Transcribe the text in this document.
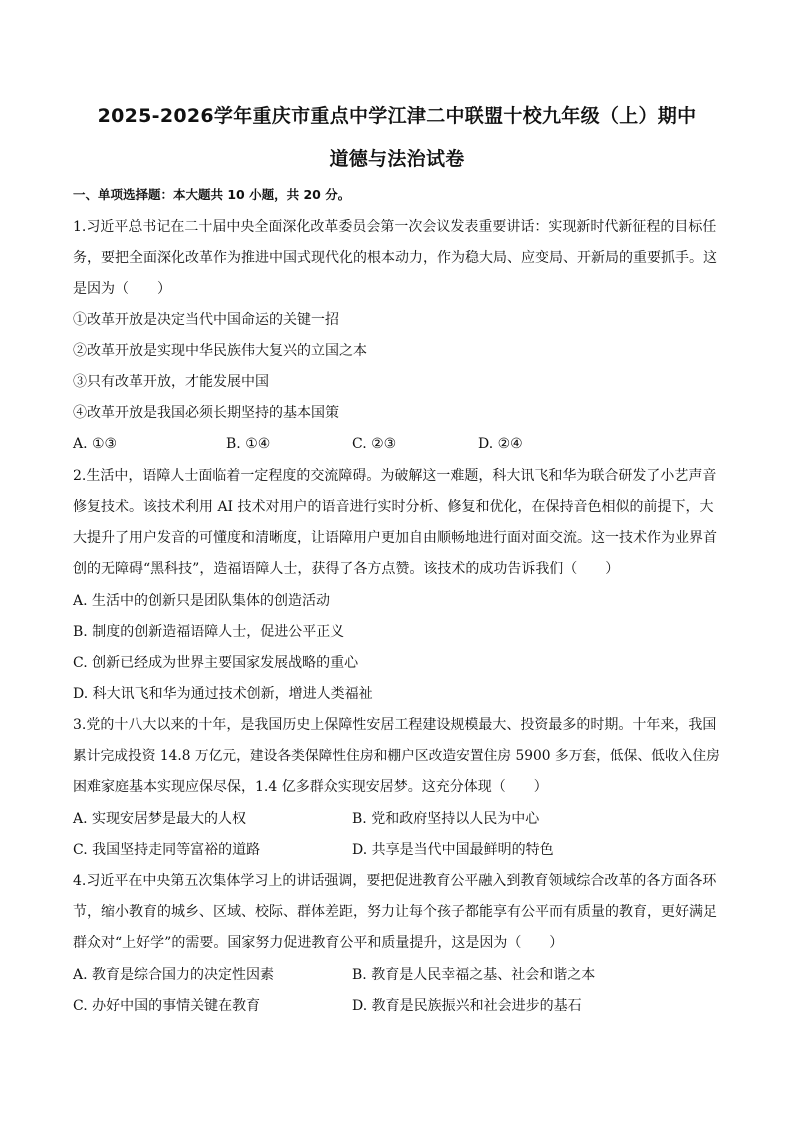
2025-2026学年重庆市重点中学江津二中联盟十校九年级（上）期中
道德与法治试卷
一、单项选择题：本大题共 10 小题，共 20 分。
1.习近平总书记在二十届中央全面深化改革委员会第一次会议发表重要讲话：实现新时代新征程的目标任
务，要把全面深化改革作为推进中国式现代化的根本动力，作为稳大局、应变局、开新局的重要抓手。这
是因为（　　）
①改革开放是决定当代中国命运的关键一招
②改革开放是实现中华民族伟大复兴的立国之本
③只有改革开放，才能发展中国
④改革开放是我国必须长期坚持的基本国策
A. ①③	B. ①④	C. ②③	D. ②④
2.生活中，语障人士面临着一定程度的交流障碍。为破解这一难题，科大讯飞和华为联合研发了小艺声音
修复技术。该技术利用 AI 技术对用户的语音进行实时分析、修复和优化，在保持音色相似的前提下，大
大提升了用户发音的可懂度和清晰度，让语障用户更加自由顺畅地进行面对面交流。这一技术作为业界首
创的无障碍“黑科技”，造福语障人士，获得了各方点赞。该技术的成功告诉我们（　　）
A. 生活中的创新只是团队集体的创造活动
B. 制度的创新造福语障人士，促进公平正义
C. 创新已经成为世界主要国家发展战略的重心
D. 科大讯飞和华为通过技术创新，增进人类福祉
3.党的十八大以来的十年，是我国历史上保障性安居工程建设规模最大、投资最多的时期。十年来，我国
累计完成投资 14.8 万亿元，建设各类保障性住房和棚户区改造安置住房 5900 多万套，低保、低收入住房
困难家庭基本实现应保尽保，1.4 亿多群众实现安居梦。这充分体现（　　）
A. 实现安居梦是最大的人权	B. 党和政府坚持以人民为中心
C. 我国坚持走同等富裕的道路	D. 共享是当代中国最鲜明的特色
4.习近平在中央第五次集体学习上的讲话强调，要把促进教育公平融入到教育领域综合改革的各方面各环
节，缩小教育的城乡、区域、校际、群体差距，努力让每个孩子都能享有公平而有质量的教育，更好满足
群众对“上好学”的需要。国家努力促进教育公平和质量提升，这是因为（　　）
A. 教育是综合国力的决定性因素	B. 教育是人民幸福之基、社会和谐之本
C. 办好中国的事情关键在教育	D. 教育是民族振兴和社会进步的基石
